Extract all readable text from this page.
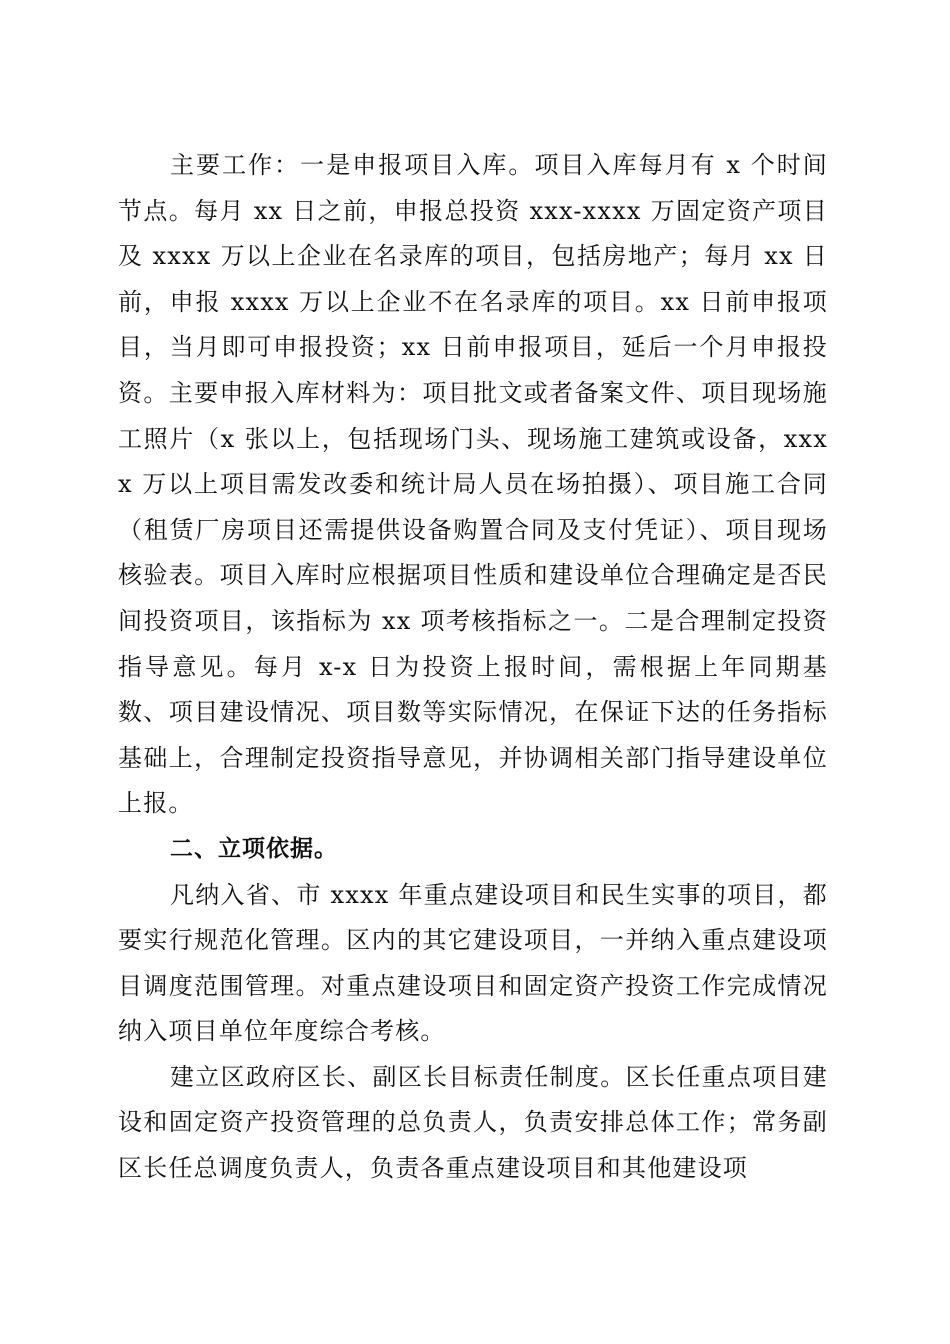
主要工作：一是申报项目入库。项目入库每月有 x 个时间节点。每月 xx 日之前，申报总投资 xxx-xxxx 万固定资产项目及 xxxx 万以上企业在名录库的项目，包括房地产；每月 xx 日前，申报 xxxx 万以上企业不在名录库的项目。xx 日前申报项目，当月即可申报投资；xx 日前申报项目，延后一个月申报投资。主要申报入库材料为：项目批文或者备案文件、项目现场施工照片（x 张以上，包括现场门头、现场施工建筑或设备，xxxx 万以上项目需发改委和统计局人员在场拍摄）、项目施工合同（租赁厂房项目还需提供设备购置合同及支付凭证）、项目现场核验表。项目入库时应根据项目性质和建设单位合理确定是否民间投资项目，该指标为 xx 项考核指标之一。二是合理制定投资指导意见。每月 x-x 日为投资上报时间，需根据上年同期基数、项目建设情况、项目数等实际情况，在保证下达的任务指标基础上，合理制定投资指导意见，并协调相关部门指导建设单位上报。

二、立项依据。

凡纳入省、市 xxxx 年重点建设项目和民生实事的项目，都要实行规范化管理。区内的其它建设项目，一并纳入重点建设项目调度范围管理。对重点建设项目和固定资产投资工作完成情况纳入项目单位年度综合考核。

建立区政府区长、副区长目标责任制度。区长任重点项目建设和固定资产投资管理的总负责人，负责安排总体工作；常务副区长任总调度负责人，负责各重点建设项目和其他建设项
